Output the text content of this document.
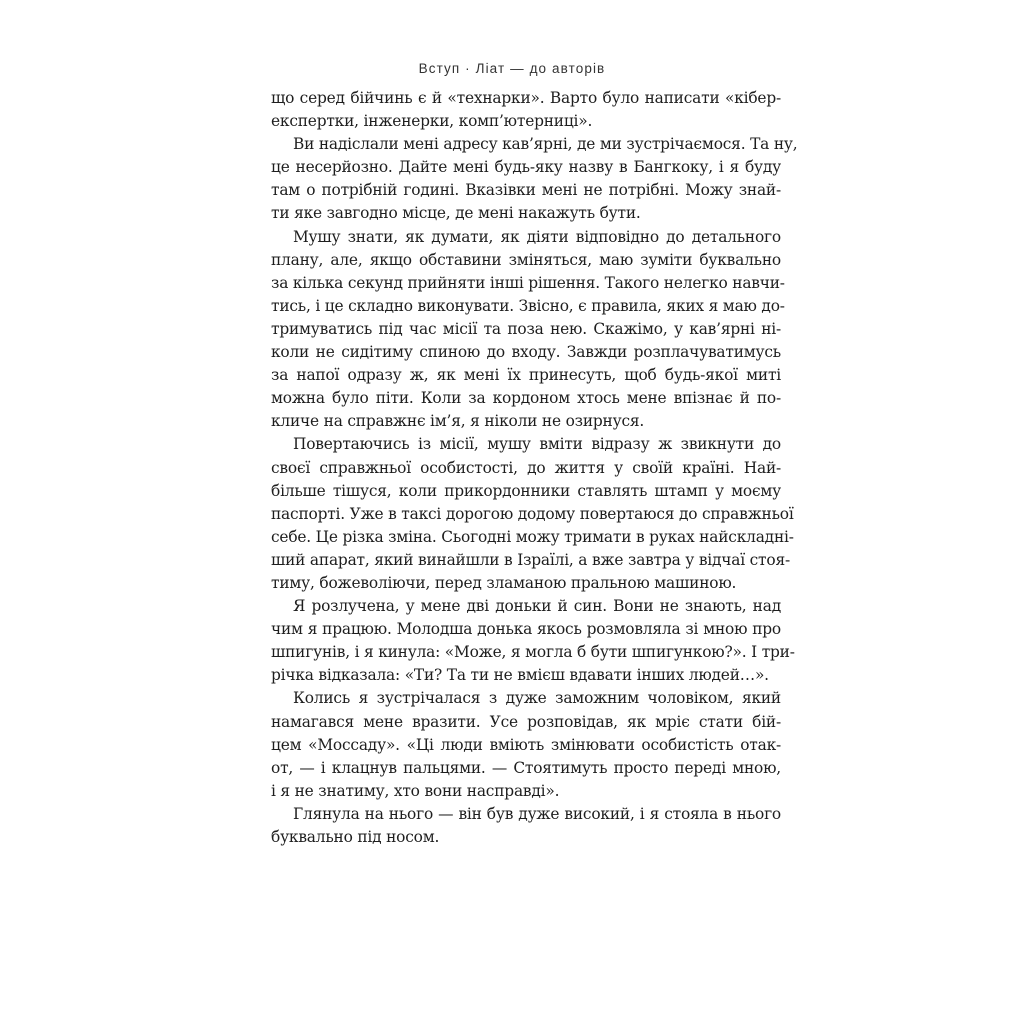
Вступ · Ліат — до авторів
що серед бійчинь є й «технарки». Варто було написати «кібер-
експертки, інженерки, комп’ютерниці».
Ви надіслали мені адресу кав’ярні, де ми зустрічаємося. Та ну,
це несерйозно. Дайте мені будь-яку назву в Бангкоку, і я буду
там о потрібній годині. Вказівки мені не потрібні. Можу знай-
ти яке завгодно місце, де мені накажуть бути.
Мушу знати, як думати, як діяти відповідно до детального
плану, але, якщо обставини зміняться, маю зуміти буквально
за кілька секунд прийняти інші рішення. Такого нелегко навчи-
тись, і це складно виконувати. Звісно, є правила, яких я маю до-
тримуватись під час місії та поза нею. Скажімо, у кав’ярні ні-
коли не сидітиму спиною до входу. Завжди розплачуватимусь
за напої одразу ж, як мені їх принесуть, щоб будь-якої миті
можна було піти. Коли за кордоном хтось мене впізнає й по-
кличе на справжнє ім’я, я ніколи не озирнуся.
Повертаючись із місії, мушу вміти відразу ж звикнути до
своєї справжньої особистості, до життя у своїй країні. Най-
більше тішуся, коли прикордонники ставлять штамп у моєму
паспорті. Уже в таксі дорогою додому повертаюся до справжньої
себе. Це різка зміна. Сьогодні можу тримати в руках найскладні-
ший апарат, який винайшли в Ізраїлі, а вже завтра у відчаї стоя-
тиму, божеволіючи, перед зламаною пральною машиною.
Я розлучена, у мене дві доньки й син. Вони не знають, над
чим я працюю. Молодша донька якось розмовляла зі мною про
шпигунів, і я кинула: «Може, я могла б бути шпигункою?». І три-
річка відказала: «Ти? Та ти не вмієш вдавати інших людей…».
Колись я зустрічалася з дуже заможним чоловіком, який
намагався мене вразити. Усе розповідав, як мріє стати бій-
цем «Моссаду». «Ці люди вміють змінювати особистість отак-
от, — і клацнув пальцями. — Стоятимуть просто переді мною,
і я не знатиму, хто вони насправді».
Глянула на нього — він був дуже високий, і я стояла в нього
буквально під носом.
